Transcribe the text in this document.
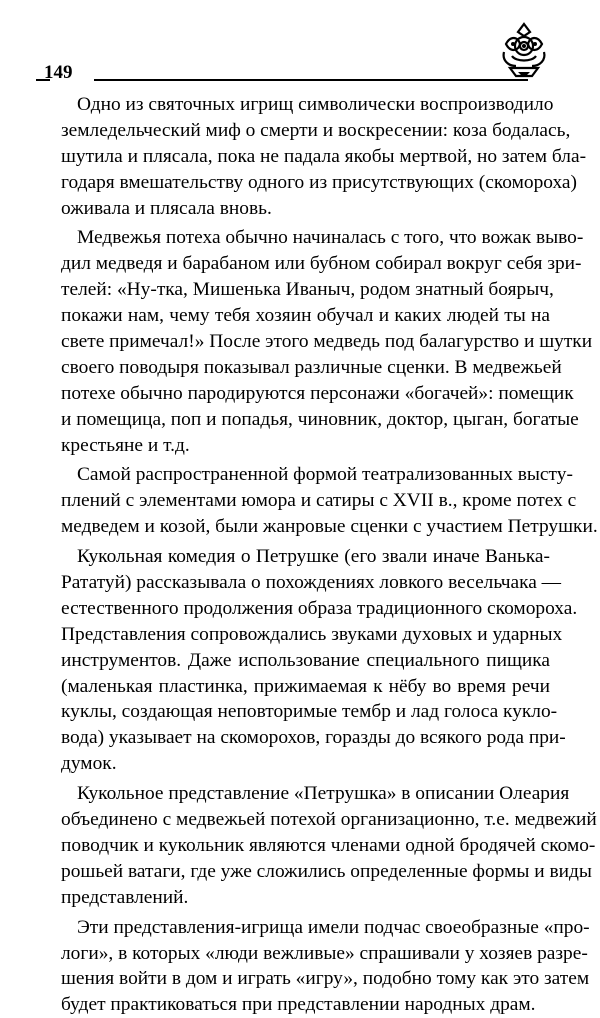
149
Одно из святочных игрищ символически воспроизводило
земледельческий миф о смерти и воскресении: коза бодалась,
шутила и плясала, пока не падала якобы мертвой, но затем бла-
годаря вмешательству одного из присутствующих (скомороха)
оживала и плясала вновь.
Медвежья потеха обычно начиналась с того, что вожак выво-
дил медведя и барабаном или бубном собирал вокруг себя зри-
телей: «Ну-тка, Мишенька Иваныч, родом знатный боярыч,
покажи нам, чему тебя хозяин обучал и каких людей ты на
свете примечал!» После этого медведь под балагурство и шутки
своего поводыря показывал различные сценки. В медвежьей
потехе обычно пародируются персонажи «богачей»: помещик
и помещица, поп и попадья, чиновник, доктор, цыган, богатые
крестьяне и т.д.
Самой распространенной формой театрализованных высту-
плений с элементами юмора и сатиры с XVII в., кроме потех с
медведем и козой, были жанровые сценки с участием Петрушки.
Кукольная комедия о Петрушке (его звали иначе Ванька-
Рататуй) рассказывала о похождениях ловкого весельчака —
естественного продолжения образа традиционного скомороха.
Представления сопровождались звуками духовых и ударных
инструментов. Даже использование специального пищика
(маленькая пластинка, прижимаемая к нёбу во время речи
куклы, создающая неповторимые тембр и лад голоса кукло-
вода) указывает на скоморохов, горазды до всякого рода при-
думок.
Кукольное представление «Петрушка» в описании Олеария
объединено с медвежьей потехой организационно, т.е. медвежий
поводчик и кукольник являются членами одной бродячей скомо-
рошьей ватаги, где уже сложились определенные формы и виды
представлений.
Эти представления-игрища имели подчас своеобразные «про-
логи», в которых «люди вежливые» спрашивали у хозяев разре-
шения войти в дом и играть «игру», подобно тому как это затем
будет практиковаться при представлении народных драм.
